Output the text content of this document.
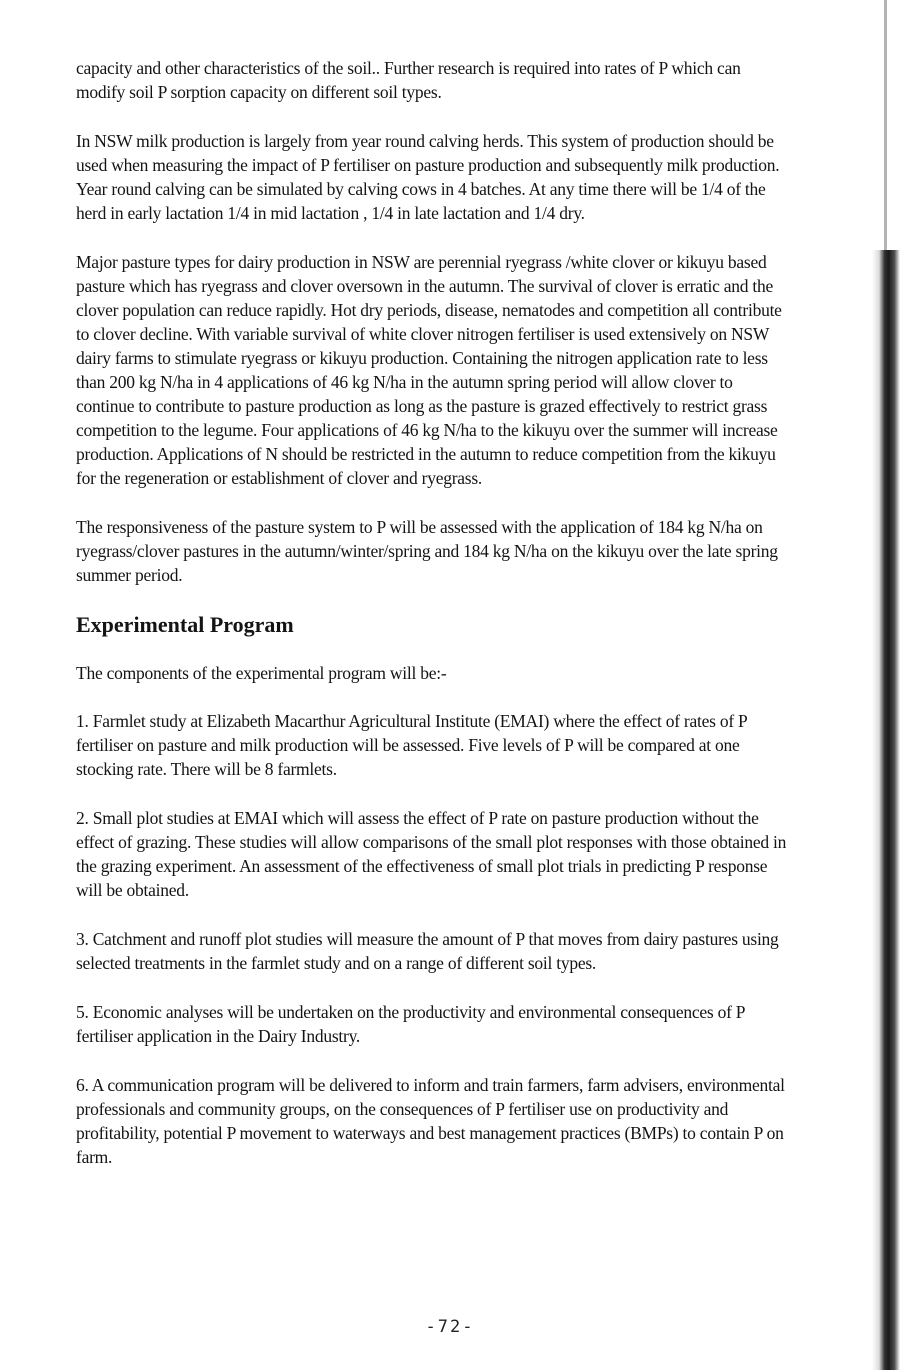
capacity and other characteristics of the soil.. Further research is required into rates of P which can
modify soil P sorption capacity on different soil types.

In NSW milk production is largely from year round calving herds. This system of production should be
used when measuring the impact of P fertiliser on pasture production and subsequently milk production.
Year round calving can be simulated by calving cows in 4 batches. At any time there will be 1/4 of the
herd in early lactation 1/4 in mid lactation , 1/4 in late lactation and 1/4 dry.

Major pasture types for dairy production in NSW are perennial ryegrass /white clover or kikuyu based
pasture which has ryegrass and clover oversown in the autumn. The survival of clover is erratic and the
clover population can reduce rapidly. Hot dry periods, disease, nematodes and competition all contribute
to clover decline. With variable survival of white clover nitrogen fertiliser is used extensively on NSW
dairy farms to stimulate ryegrass or kikuyu production. Containing the nitrogen application rate to less
than 200 kg N/ha in 4 applications of 46 kg N/ha in the autumn spring period will allow clover to
continue to contribute to pasture production as long as the pasture is grazed effectively to restrict grass
competition to the legume. Four applications of 46 kg N/ha to the kikuyu over the summer will increase
production. Applications of N should be restricted in the autumn to reduce competition from the kikuyu
for the regeneration or establishment of clover and ryegrass.

The responsiveness of the pasture system to P will be assessed with the application of 184 kg N/ha on
ryegrass/clover pastures in the autumn/winter/spring and 184 kg N/ha on the kikuyu over the late spring
summer period.

Experimental Program

The components of the experimental program will be:-

1. Farmlet study at Elizabeth Macarthur Agricultural Institute (EMAI) where the effect of rates of P
fertiliser on pasture and milk production will be assessed. Five levels of P will be compared at one
stocking rate. There will be 8 farmlets.

2. Small plot studies at EMAI which will assess the effect of P rate on pasture production without the
effect of grazing. These studies will allow comparisons of the small plot responses with those obtained in
the grazing experiment. An assessment of the effectiveness of small plot trials in predicting P response
will be obtained.

3. Catchment and runoff plot studies will measure the amount of P that moves from dairy pastures using
selected treatments in the farmlet study and on a range of different soil types.

5. Economic analyses will be undertaken on the productivity and environmental consequences of P
fertiliser application in the Dairy Industry.

6. A communication program will be delivered to inform and train farmers, farm advisers, environmental
professionals and community groups, on the consequences of P fertiliser use on productivity and
profitability, potential P movement to waterways and best management practices (BMPs) to contain P on
farm.

-72-
